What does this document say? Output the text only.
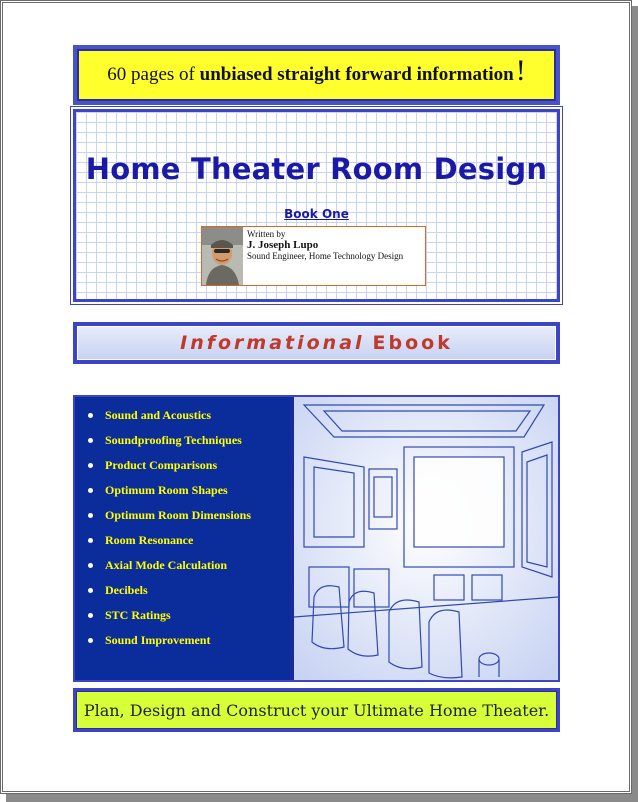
60 pages of
unbiased straight forward information !
Home Theater Room Design
Book One
Written by
J. Joseph Lupo
Sound Engineer, Home Technology Design
Informational Ebook
Sound and Acoustics
Soundproofing Techniques
Product Comparisons
Optimum Room Shapes
Optimum Room Dimensions
Room Resonance
Axial Mode Calculation
Decibels
STC Ratings
Sound Improvement
Plan, Design and Construct your Ultimate Home Theater.
